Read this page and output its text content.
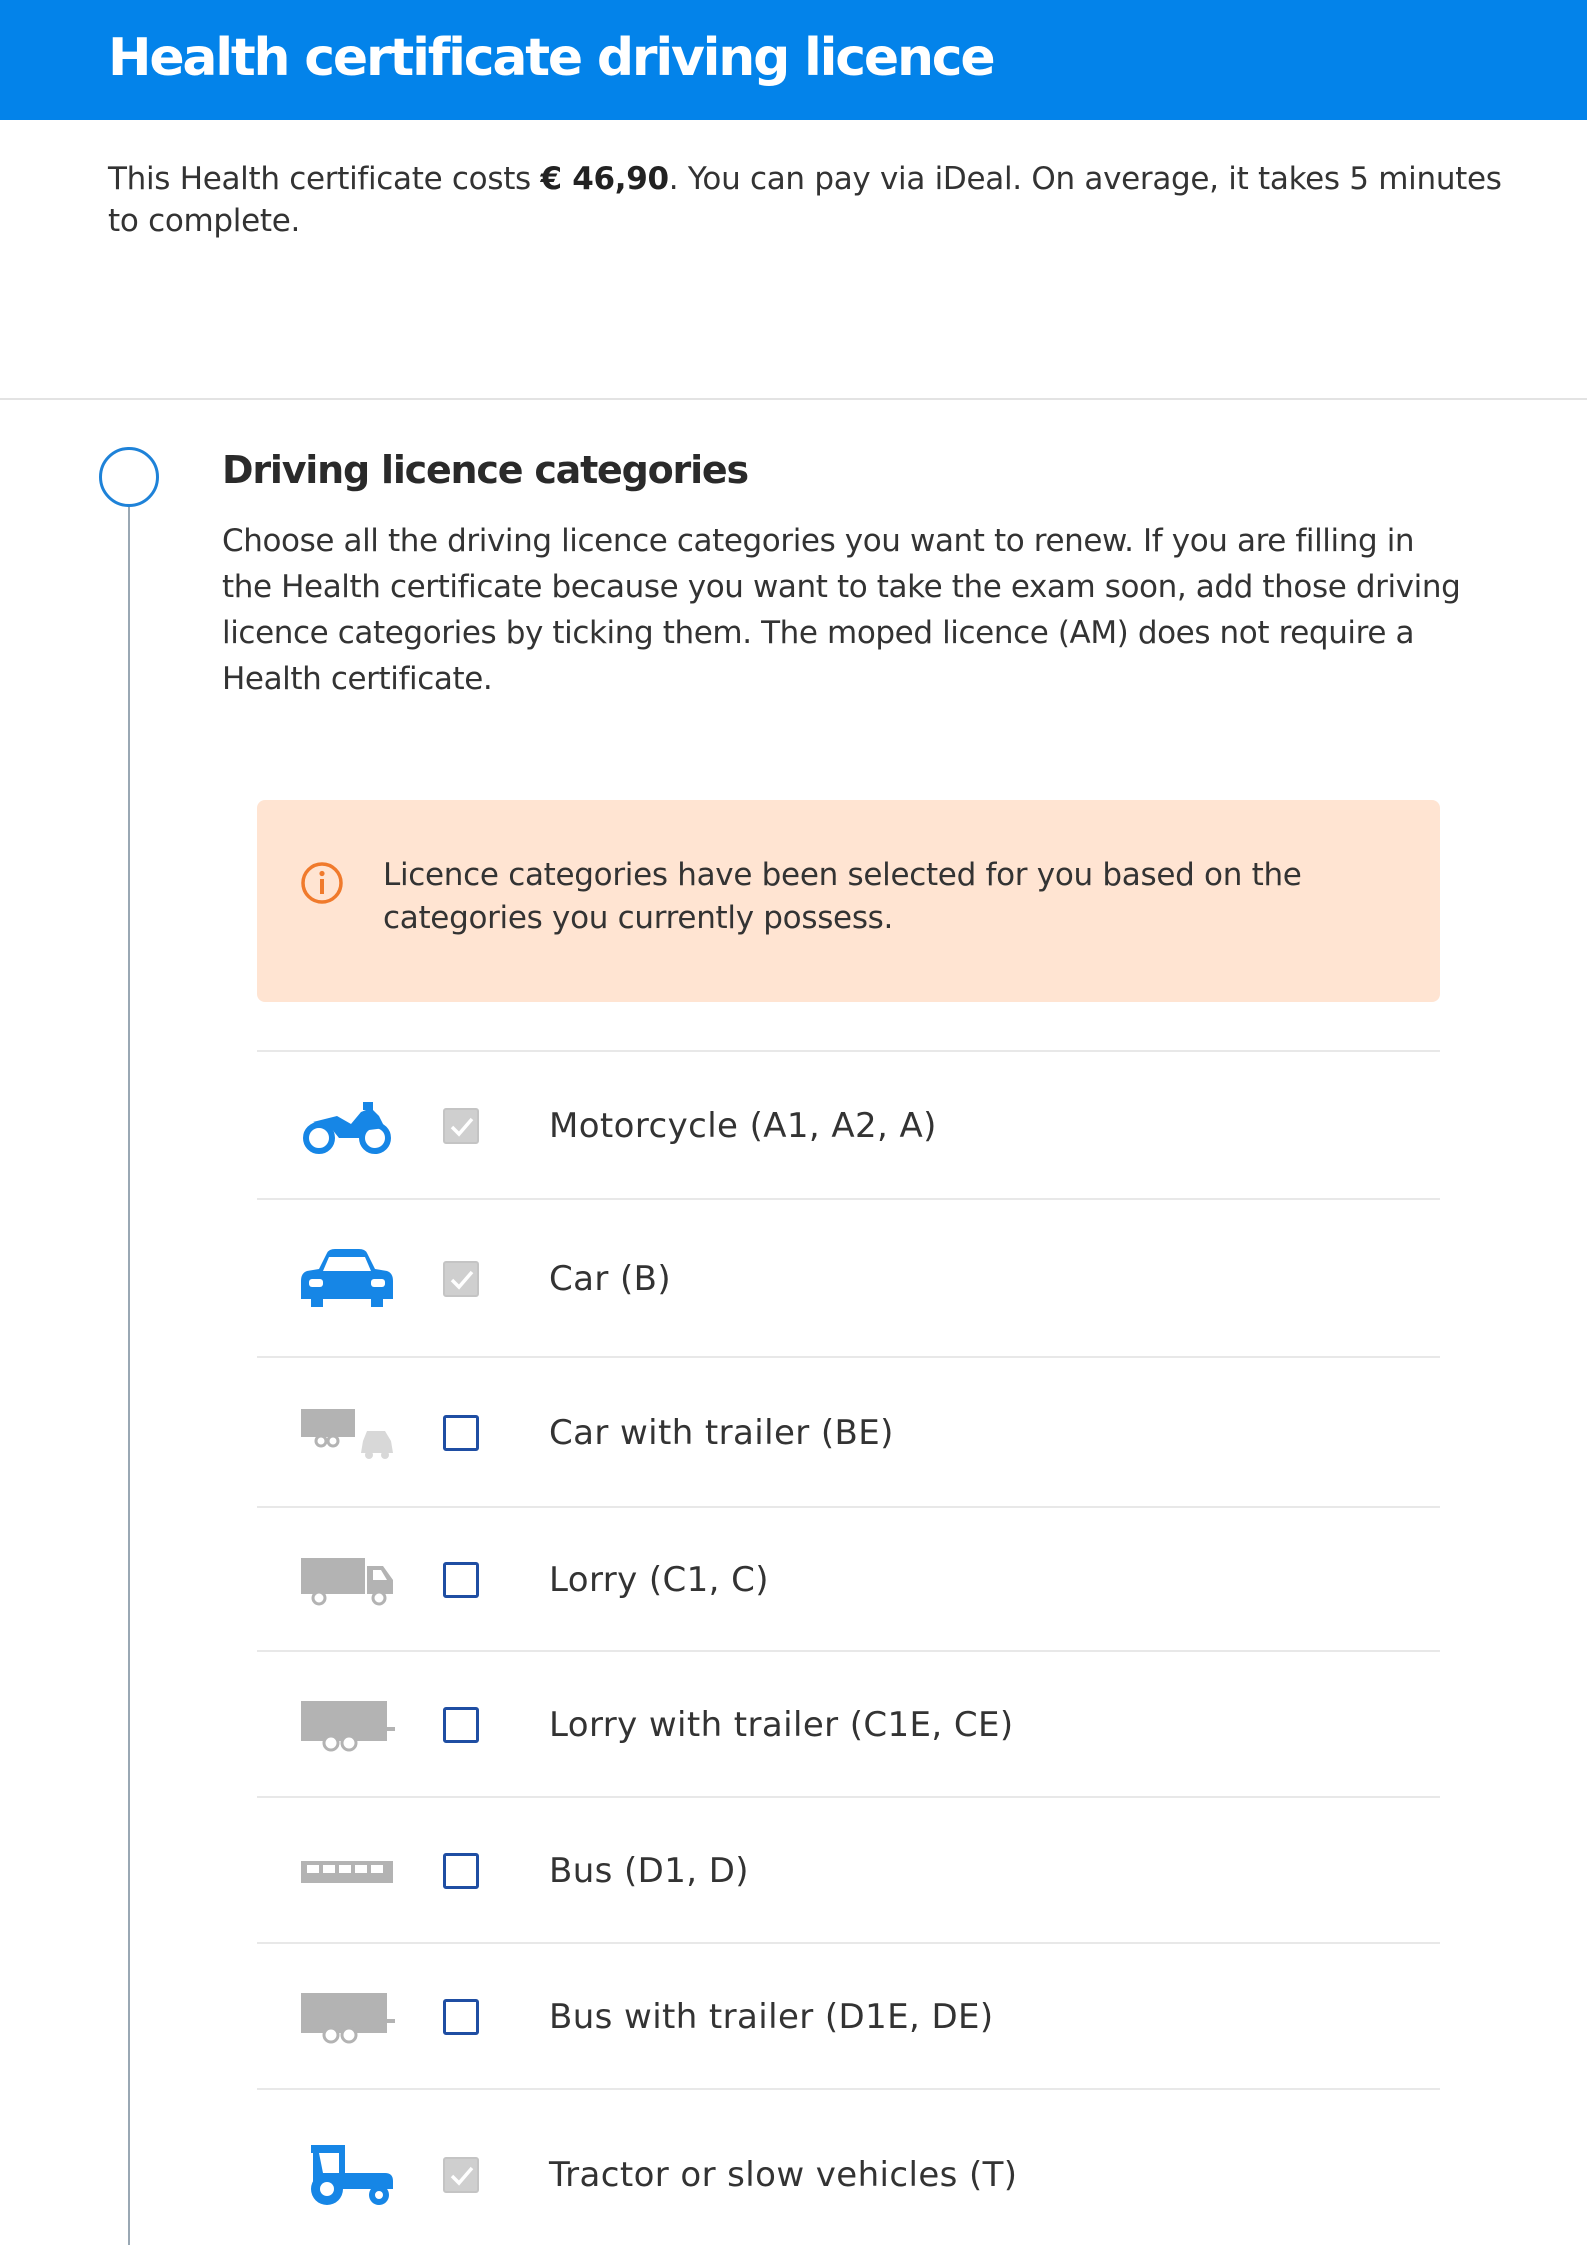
Health certificate driving licence
This Health certificate costs € 46,90. You can pay via iDeal. On average, it takes 5 minutes to complete.
Driving licence categories
Choose all the driving licence categories you want to renew. If you are filling in the Health certificate because you want to take the exam soon, add those driving licence categories by ticking them. The moped licence (AM) does not require a Health certificate.
Licence categories have been selected for you based on the categories you currently possess.
Motorcycle (A1, A2, A)
Car (B)
Car with trailer (BE)
Lorry (C1, C)
Lorry with trailer (C1E, CE)
Bus (D1, D)
Bus with trailer (D1E, DE)
Tractor or slow vehicles (T)
